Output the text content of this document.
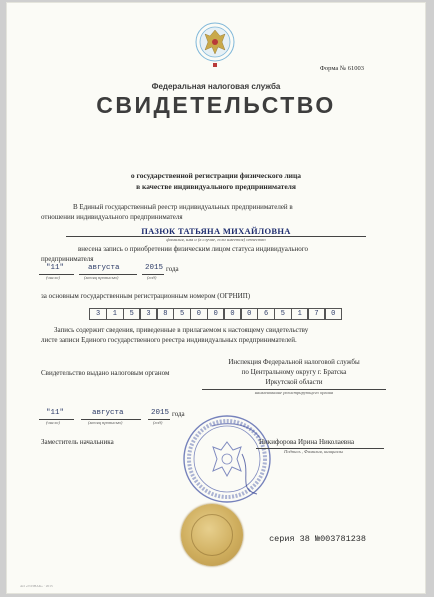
Форма № 61003
Федеральная налоговая служба
СВИДЕТЕЛЬСТВО
о государственной регистрации физического лица
в качестве индивидуального предпринимателя
В Единый государственный реестр индивидуальных предпринимателей в
отношении индивидуального предпринимателя
ПАЗЮК ТАТЬЯНА МИХАЙЛОВНА
фамилия, имя и (в случае, если имеется) отчество
внесена запись о приобретении физическим лицом статуса индивидуального
предпринимателя
"11"	августа	2015 года
(число)	(месяц прописью)	(год)
за основным государственным регистрационным номером (ОГРНИП)
3	1	5	3	8	5	0	0	0	0	6	5	1	7	0
Запись содержит сведения, приведенные в прилагаемом к настоящему свидетельству
листе записи Единого государственного реестра индивидуальных предпринимателей.
Свидетельство выдано налоговым органом
Инспекция Федеральной налоговой службы
по Центральному округу г. Братска
Иркутской области
наименование регистрирующего органа
"11"	августа	2015 года
(число)	(месяц прописью)	(год)
Заместитель начальника	Никифорова Ирина Николаевна
Подпись , Фамилия, инициалы
серия 38 №003781238
АО «ГОЗНАК» · 2015
